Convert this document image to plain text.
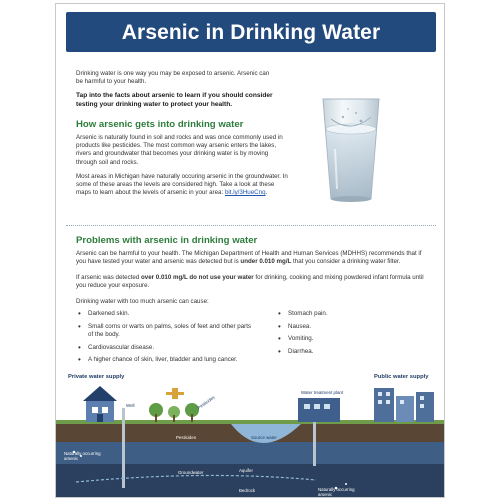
Arsenic in Drinking Water

Drinking water is one way you may be exposed to arsenic. Arsenic can be harmful to your health.

Tap into the facts about arsenic to learn if you should consider testing your drinking water to protect your health.

How arsenic gets into drinking water

Arsenic is naturally found in soil and rocks and was once commonly used in products like pesticides. The most common way arsenic enters the lakes, rivers and groundwater that becomes your drinking water is by moving through soil and rocks.

Most areas in Michigan have naturally occuring arsenic in the groundwater. In some of these areas the levels are considered high. Take a look at these maps to learn about the levels of arsenic in your area: bit.ly/3HueCnq.

Problems with arsenic in drinking water

Arsenic can be harmful to your health. The Michigan Department of Health and Human Services (MDHHS) recommends that if you have tested your water and arsenic was detected but is under 0.010 mg/L that you consider a drinking water filter.

If arsenic was detected over 0.010 mg/L do not use your water for drinking, cooking and mixing powdered infant formula until you reduce your exposure.

Drinking water with too much arsenic can cause:

• Darkened skin.
• Small corns or warts on palms, soles of feet and other parts of the body.
• Cardiovascular disease.
• A higher chance of skin, liver, bladder and lung cancer.
• Stomach pain.
• Nausea.
• Vomiting.
• Diarrhea.
Private water supply	Public water supply
Well	Pesticides
Pesticides
Water treatment plant
Source water
Naturally occurring arsenic
Aquifer
Groundwater
Bedrock	Naturally occurring arsenic
